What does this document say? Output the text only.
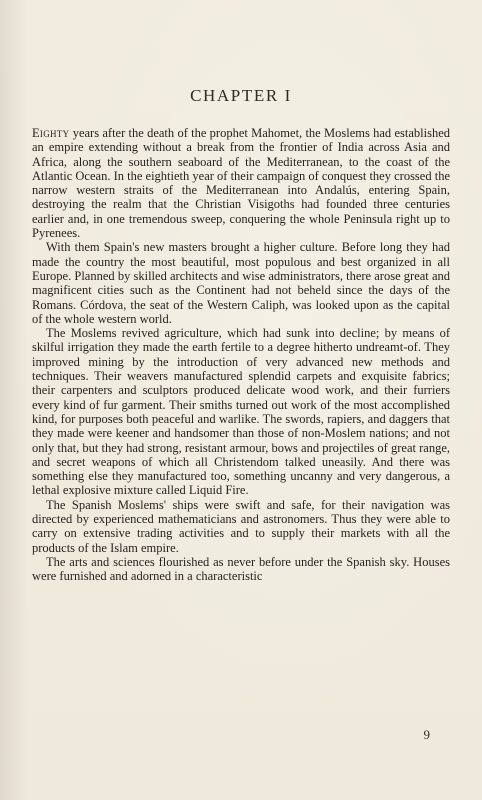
CHAPTER I

Eighty years after the death of the prophet Mahomet, the Moslems had established an empire extending without a break from the frontier of India across Asia and Africa, along the southern seaboard of the Mediterranean, to the coast of the Atlantic Ocean. In the eightieth year of their campaign of conquest they crossed the narrow western straits of the Mediterranean into Andalús, entering Spain, destroying the realm that the Christian Visigoths had founded three centuries earlier and, in one tremendous sweep, conquering the whole Peninsula right up to Pyrenees.

With them Spain's new masters brought a higher culture. Before long they had made the country the most beautiful, most populous and best organized in all Europe. Planned by skilled architects and wise administrators, there arose great and magnificent cities such as the Continent had not beheld since the days of the Romans. Córdova, the seat of the Western Caliph, was looked upon as the capital of the whole western world.

The Moslems revived agriculture, which had sunk into decline; by means of skilful irrigation they made the earth fertile to a degree hitherto undreamt-of. They improved mining by the introduction of very advanced new methods and techniques. Their weavers manufactured splendid carpets and exquisite fabrics; their carpenters and sculptors produced delicate wood work, and their furriers every kind of fur garment. Their smiths turned out work of the most accomplished kind, for purposes both peaceful and warlike. The swords, rapiers, and daggers that they made were keener and handsomer than those of non-Moslem nations; and not only that, but they had strong, resistant armour, bows and projectiles of great range, and secret weapons of which all Christendom talked uneasily. And there was something else they manufactured too, something uncanny and very dangerous, a lethal explosive mixture called Liquid Fire.

The Spanish Moslems' ships were swift and safe, for their navigation was directed by experienced mathematicians and astronomers. Thus they were able to carry on extensive trading activities and to supply their markets with all the products of the Islam empire.

The arts and sciences flourished as never before under the Spanish sky. Houses were furnished and adorned in a characteristic

9
